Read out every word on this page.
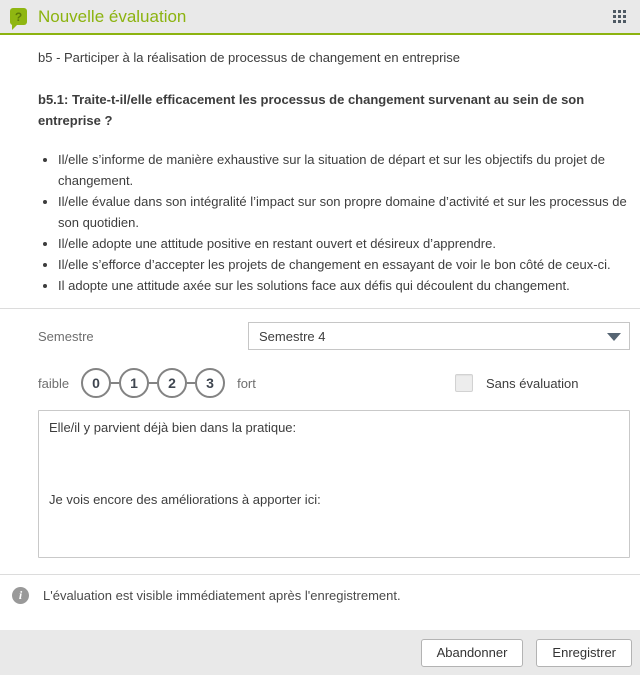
? Nouvelle évaluation

b5 - Participer à la réalisation de processus de changement en entreprise

b5.1: Traite-t-il/elle efficacement les processus de changement survenant au sein de son entreprise ?

• Il/elle s’informe de manière exhaustive sur la situation de départ et sur les objectifs du projet de changement.
• Il/elle évalue dans son intégralité l’impact sur son propre domaine d’activité et sur les processus de son quotidien.
• Il/elle adopte une attitude positive en restant ouvert et désireux d’apprendre.
• Il/elle s’efforce d’accepter les projets de changement en essayant de voir le bon côté de ceux-ci.
• Il adopte une attitude axée sur les solutions face aux défis qui découlent du changement.
Semestre	Semestre 4
faible	0	1	2	3	fort	Sans évaluation
Elle/il y parvient déjà bien dans la pratique: Je vois encore des améliorations à apporter ici:
i	L'évaluation est visible immédiatement après l'enregistrement.
Abandonner	Enregistrer
